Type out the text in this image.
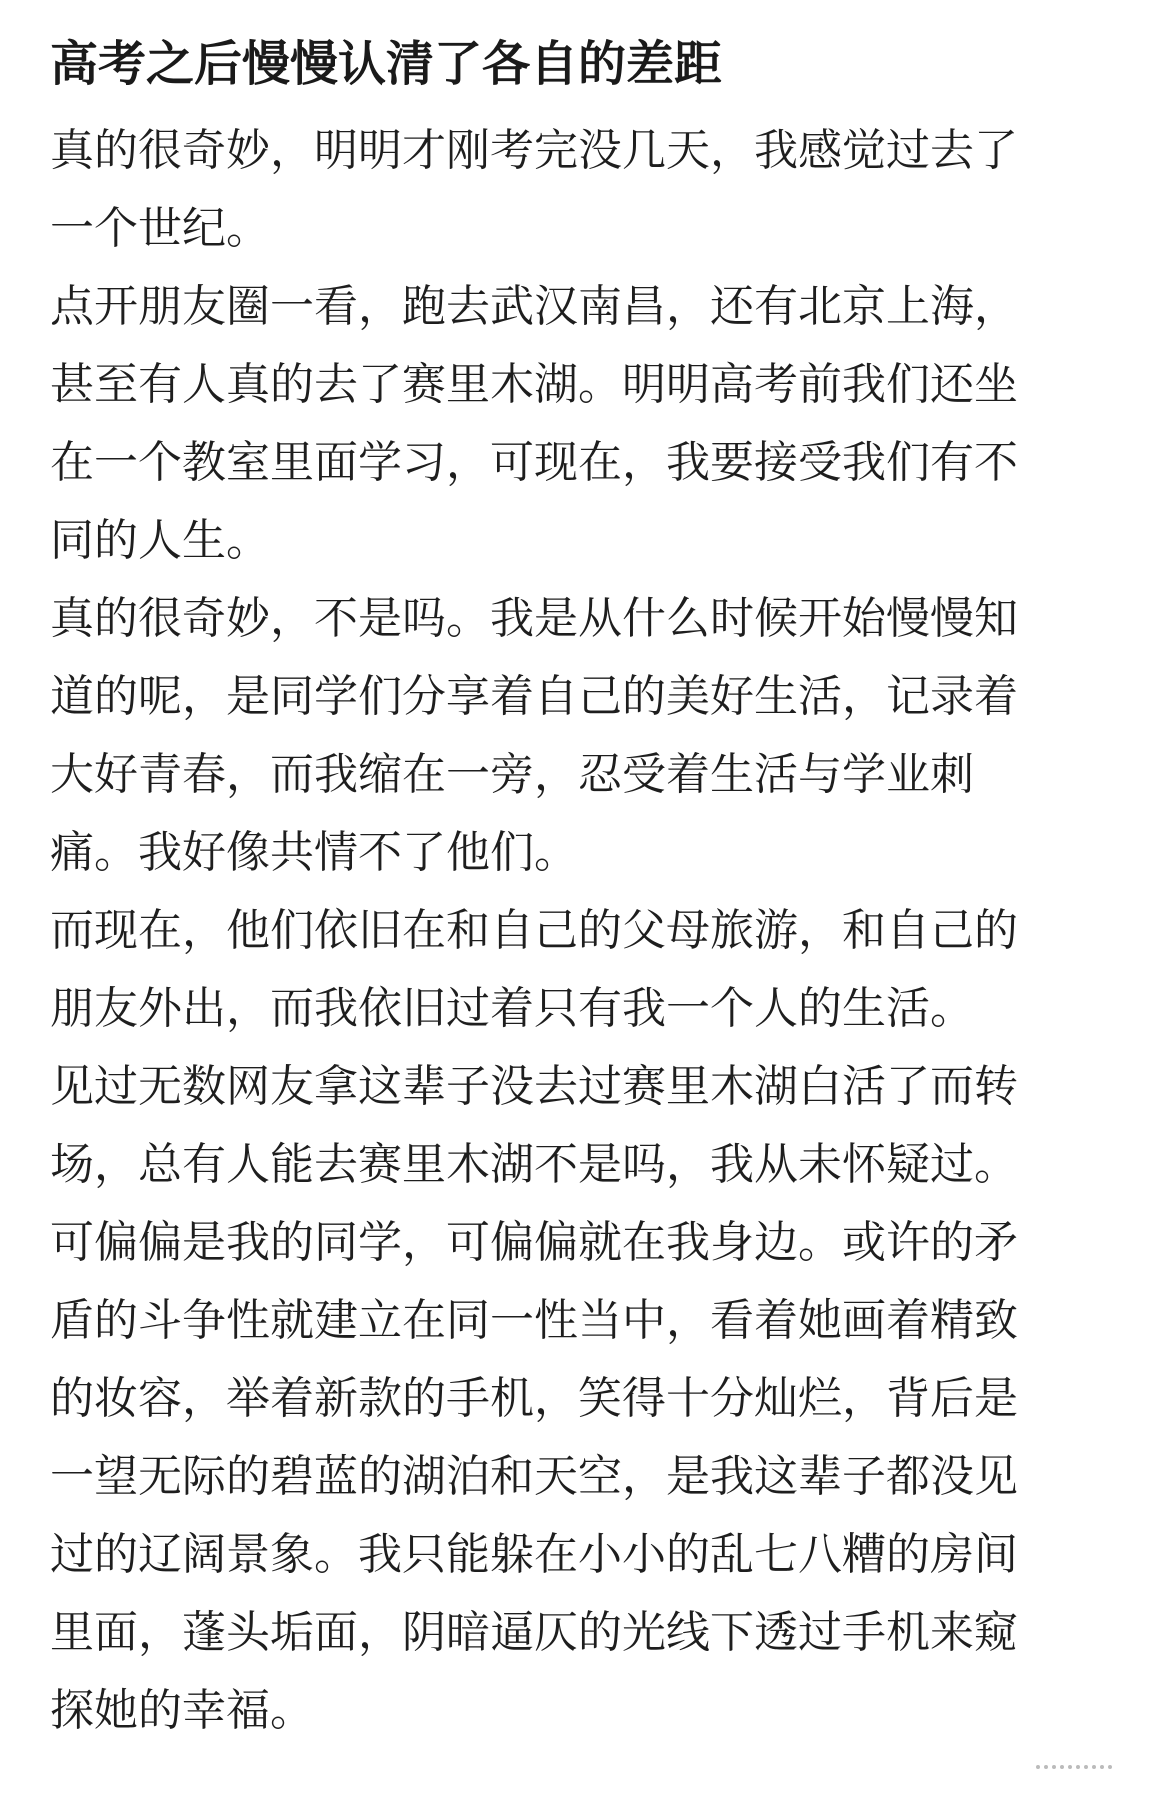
高考之后慢慢认清了各自的差距

真的很奇妙，明明才刚考完没几天，我感觉过去了一个世纪。

点开朋友圈一看，跑去武汉南昌，还有北京上海，甚至有人真的去了赛里木湖。明明高考前我们还坐在一个教室里面学习，可现在，我要接受我们有不同的人生。

真的很奇妙，不是吗。我是从什么时候开始慢慢知道的呢，是同学们分享着自己的美好生活，记录着大好青春，而我缩在一旁，忍受着生活与学业刺痛。我好像共情不了他们。

而现在，他们依旧在和自己的父母旅游，和自己的朋友外出，而我依旧过着只有我一个人的生活。

见过无数网友拿这辈子没去过赛里木湖白活了而转场，总有人能去赛里木湖不是吗，我从未怀疑过。可偏偏是我的同学，可偏偏就在我身边。或许的矛盾的斗争性就建立在同一性当中，看着她画着精致的妆容，举着新款的手机，笑得十分灿烂，背后是一望无际的碧蓝的湖泊和天空，是我这辈子都没见过的辽阔景象。我只能躲在小小的乱七八糟的房间里面，蓬头垢面，阴暗逼仄的光线下透过手机来窥探她的幸福。
